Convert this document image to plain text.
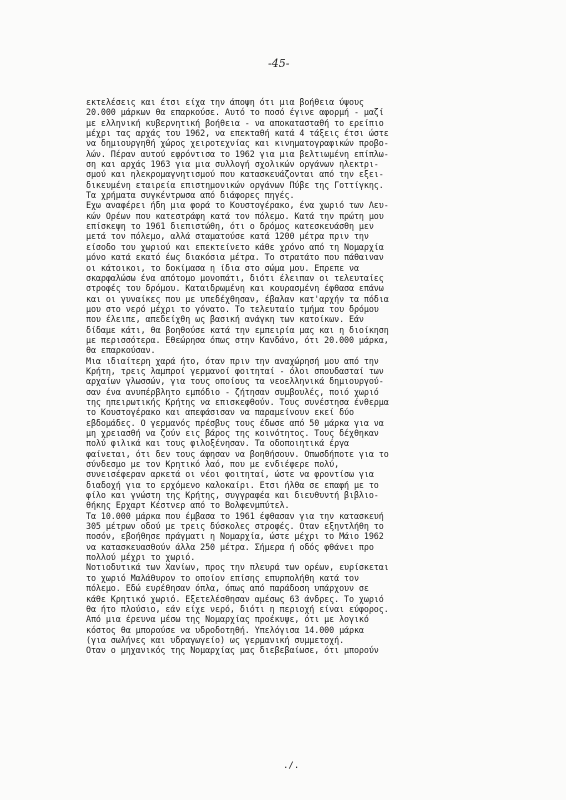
-45-
εκτελέσεις και έτσι είχα την άποψη ότι μια βοήθεια ύψους
20.000 μάρκων θα επαρκούσε. Αυτό το ποσό έγινε αφορμή - μαζί
με ελληνική κυβερνητική βοήθεια - να αποκατασταθή το ερείπιο
μέχρι τας αρχάς του 1962, να επεκταθή κατά 4 τάξεις έτσι ώστε
να δημιουργηθή χώρος χειροτεχνίας και κινηματογραφικών προβο-
λών. Πέραν αυτού εφρόντισα το 1962 για μια βελτιωμένη επίπλω-
ση και αρχάς 1963 για μια συλλογή σχολικών οργάνων ηλεκτρι-
σμού και ηλεκρομαγνητισμού που κατασκευάζονται από την εξει-
δικευμένη εταιρεία επιστημονικών οργάνων Πύβε της Γοττίγκης.
Τα χρήματα συγκέντρωσα από διάφορες πηγές.
Εχω αναφέρει ήδη μια φορά το Κουστογέρακο, ένα χωριό των Λευ-
κών Ορέων που κατεστράφη κατά τον πόλεμο. Κατά την πρώτη μου
επίσκεψη το 1961 διεπιστώθη, ότι ο δρόμος κατεσκευάσθη μεν
μετά τον πόλεμο, αλλά σταματούσε κατά 1200 μέτρα πριν την
είσοδο του χωριού και επεκτείνετο κάθε χρόνο από τη Νομαρχία
μόνο κατά εκατό έως διακόσια μέτρα. Το στρατάτο που πάθαιναν
οι κάτοικοι, το δοκίμασα η ίδια στο σώμα μου. Επρεπε να
σκαρφαλώσω ένα απότομο μονοπάτι, διότι έλειπαν οι τελευταίες
στροφές του δρόμου. Καταιδρωμένη και κουρασμένη έφθασα επάνω
και οι γυναίκες που με υπεδέχθησαν, έβαλαν κατ'αρχήν τα πόδια
μου στο νερό μέχρι το γόνατο. Το τελευταίο τμήμα του δρόμου
που έλειπε, απεδείχθη ως βασική ανάγκη των κατοίκων. Εάν
δίδαμε κάτι, θα βοηθούσε κατά την εμπειρία μας και η διοίκηση
με περισσότερα. Εθεώρησα όπως στην Κανδάνο, ότι 20.000 μάρκα,
θα επαρκούσαν.
Μια ιδιαίτερη χαρά ήτο, όταν πριν την αναχώρησή μου από την
Κρήτη, τρεις λαμπροί γερμανοί φοιτηταί - όλοι σπουδασταί των
αρχαίων γλωσσών, για τους οποίους τα νεοελληνικά δημιουργού-
σαν ένα ανυπέρβλητο εμπόδιο - ζήτησαν συμβουλές, ποιό χωριό
της ηπειρωτικής Κρήτης να επισκεφθούν. Τους συνέστησα ένθερμα
το Κουστογέρακο και απεφάσισαν να παραμείνουν εκεί δύο
εβδομάδες. Ο γερμανός πρέσβυς τους έδωσε από 50 μάρκα για να
μη χρειασθή να ζούν εις βάρος της κοινότητος. Τους δέχθηκαν
πολύ φιλικά και τους φιλοξένησαν. Τα οδοποιητικά έργα
φαίνεται, ότι δεν τους άφησαν να βοηθήσουν. Οπωσδήποτε για το
σύνδεσμο με τον Κρητικό λαό, που με ενδιέφερε πολύ,
συνεισέφεραν αρκετά οι νέοι φοιτηταί, ώστε να φροντίσω για
διαδοχή για το ερχόμενο καλοκαίρι. Ετσι ήλθα σε επαφή με το
φίλο και γνώστη της Κρήτης, συγγραφέα και διευθυντή βιβλιο-
θήκης Ερχαρτ Κέστνερ από το Βολφενμπύτελ.
Τα 10.000 μάρκα που έμβασα το 1961 έφθασαν για την κατασκευή
305 μέτρων οδού με τρεις δύσκολες στροφές. Οταν εξηντλήθη το
ποσόν, εβοήθησε πράγματι η Νομαρχία, ώστε μέχρι το Μάιο 1962
να κατασκευασθούν άλλα 250 μέτρα. Σήμερα ή οδός φθάνει προ
πολλού μέχρι το χωριό.
Νοτιοδυτικά των Χανίων, προς την πλευρά των ορέων, ευρίσκεται
το χωριό Μαλάθυρον το οποίον επίσης επυρπολήθη κατά τον
πόλεμο. Εδώ ευρέθησαν όπλα, όπως από παράδοση υπάρχουν σε
κάθε Κρητικό χωριό. Εξετελέσθησαν αμέσως 63 άνδρες. Το χωριό
θα ήτο πλούσιο, εάν είχε νερό, διότι η περιοχή είναι εύφορος.
Από μια έρευνα μέσω της Νομαρχίας προέκυψε, ότι με λογικό
κόστος θα μπορούσε να υδροδοτηθή. Υπελόγισα 14.000 μάρκα
(για σωλήνες και υδραγωγείο) ως γερμανική συμμετοχή.
Οταν ο μηχανικός της Νομαρχίας μας διεβεβαίωσε, ότι μπορούν
./.
